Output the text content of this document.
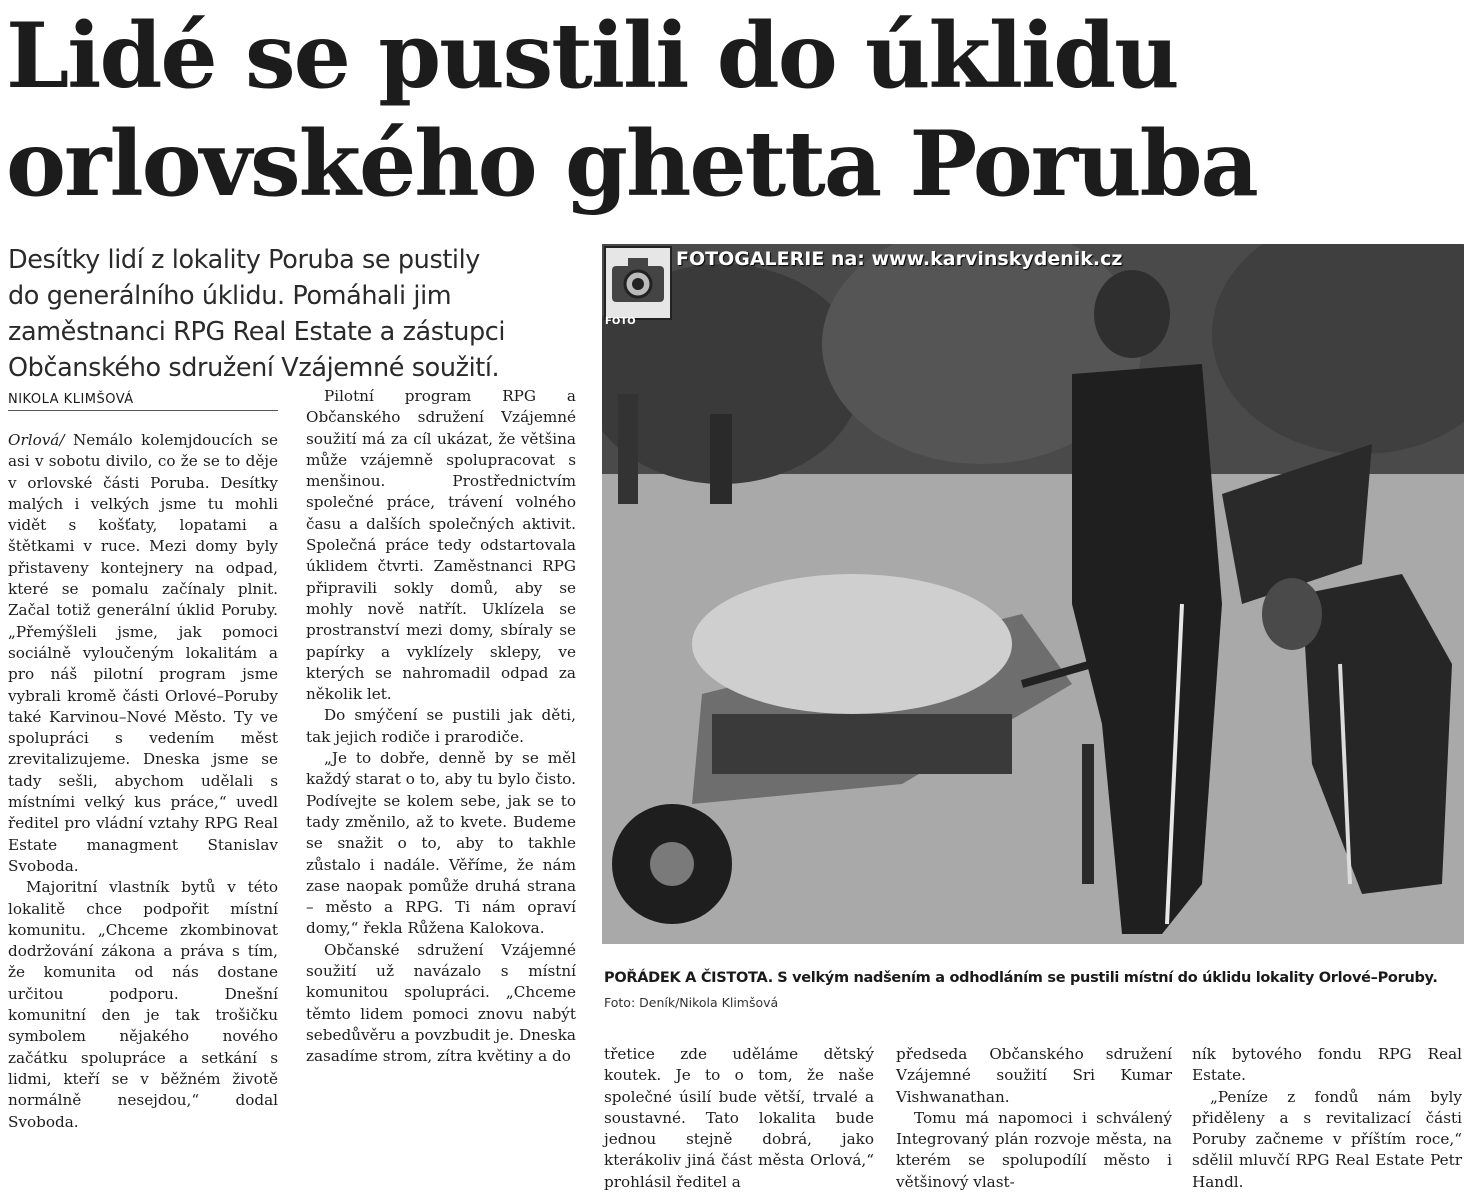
Lidé se pustili do úklidu
orlovského ghetta Poruba
Desítky lidí z lokality Poruba se pustily
do generálního úklidu. Pomáhali jim
zaměstnanci RPG Real Estate a zástupci
Občanského sdružení Vzájemné soužití.
NIKOLA KLIMŠOVÁ

Orlová/ Nemálo kolemjdoucích se asi v sobotu divilo, co že se to děje v orlovské části Poruba. Desítky malých i velkých jsme tu mohli vidět s košťaty, lopatami a štětkami v ruce. Mezi domy byly přistaveny kontejnery na odpad, které se pomalu začínaly plnit. Začal totiž generální úklid Poruby. „Přemýšleli jsme, jak pomoci sociálně vyloučeným lokalitám a pro náš pilotní program jsme vybrali kromě části Orlové–Poruby také Karvinou–Nové Město. Ty ve spolupráci s vedením měst zrevitalizujeme. Dneska jsme se tady sešli, abychom udělali s místními velký kus práce,“ uvedl ředitel pro vládní vztahy RPG Real Estate managment Stanislav Svoboda.

Majoritní vlastník bytů v této lokalitě chce podpořit místní komunitu. „Chceme zkombinovat dodržování zákona a práva s tím, že komunita od nás dostane určitou podporu. Dnešní komunitní den je tak trošičku symbolem nějakého nového začátku spolupráce a setkání s lidmi, kteří se v běžném životě normálně nesejdou,“ dodal Svoboda.

Pilotní program RPG a Občanského sdružení Vzájemné soužití má za cíl ukázat, že většina může vzájemně spolupracovat s menšinou. Prostřednictvím společné práce, trávení volného času a dalších společných aktivit. Společná práce tedy odstartovala úklidem čtvrti. Zaměstnanci RPG připravili sokly domů, aby se mohly nově natřít. Uklízela se prostranství mezi domy, sbíraly se papírky a vyklízely sklepy, ve kterých se nahromadil odpad za několik let.

Do smýčení se pustili jak děti, tak jejich rodiče i prarodiče.

„Je to dobře, denně by se měl každý starat o to, aby tu bylo čisto. Podívejte se kolem sebe, jak se to tady změnilo, až to kvete. Budeme se snažit o to, aby to takhle zůstalo i nadále. Věříme, že nám zase naopak pomůže druhá strana – město a RPG. Ti nám opraví domy,“ řekla Růžena Kalokova.

Občanské sdružení Vzájemné soužití už navázalo s místní komunitou spolupráci. „Chceme těmto lidem pomoci znovu nabýt sebedůvěru a povzbudit je. Dneska zasadíme strom, zítra květiny a do

FOTO
FOTOGALERIE na: www.karvinskydenik.cz
POŘÁDEK A ČISTOTA. S velkým nadšením a odhodláním se pustili místní do úklidu lokality Orlové–Poruby.
Foto: Deník/Nikola Klimšová

třetice zde uděláme dětský koutek. Je to o tom, že naše společné úsilí bude větší, trvalé a soustavné. Tato lokalita bude jednou stejně dobrá, jako kterákoliv jiná část města Orlová,“ prohlásil ředitel a

předseda Občanského sdružení Vzájemné soužití Sri Kumar Vishwanathan.

Tomu má napomoci i schválený Integrovaný plán rozvoje města, na kterém se spolupodílí město i většinový vlast-

ník bytového fondu RPG Real Estate.

„Peníze z fondů nám byly přiděleny a s revitalizací části Poruby začneme v příštím roce,“ sdělil mluvčí RPG Real Estate Petr Handl.
